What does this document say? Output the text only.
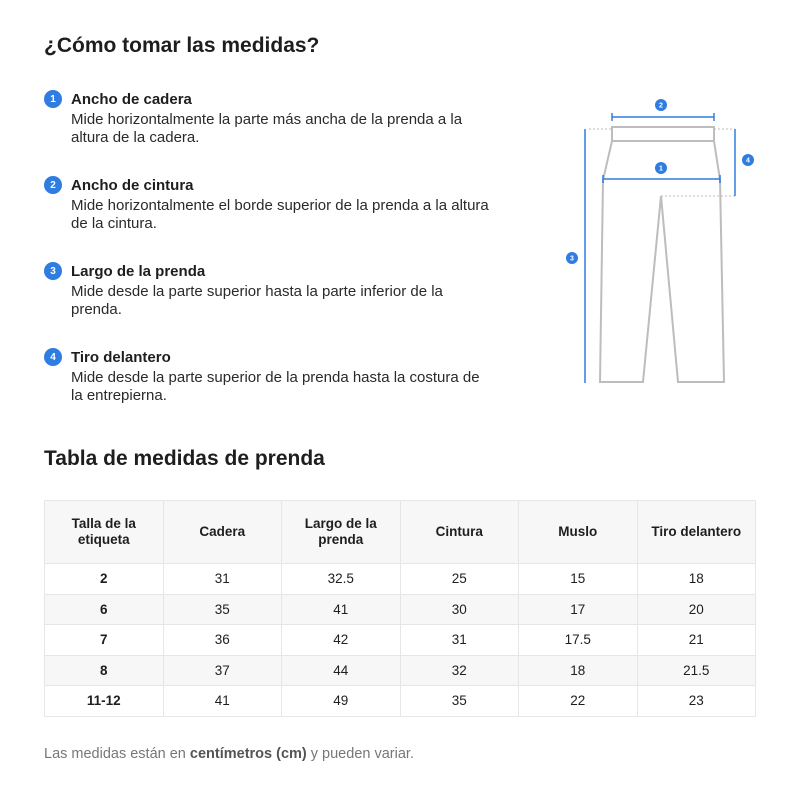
¿Cómo tomar las medidas?
1	Ancho de cadera
Mide horizontalmente la parte más ancha de la prenda a la altura de la cadera.
2	Ancho de cintura
Mide horizontalmente el borde superior de la prenda a la altura de la cintura.
3	Largo de la prenda
Mide desde la parte superior hasta la parte inferior de la prenda.
4	Tiro delantero
Mide desde la parte superior de la prenda hasta la costura de la entrepierna.
2
1
3
4
Tabla de medidas de prenda
Talla de la etiqueta	Cadera	Largo de la prenda	Cintura	Muslo	Tiro delantero
2	31	32.5	25	15	18
6	35	41	30	17	20
7	36	42	31	17.5	21
8	37	44	32	18	21.5
11-12	41	49	35	22	23
Las medidas están en centímetros (cm) y pueden variar.
